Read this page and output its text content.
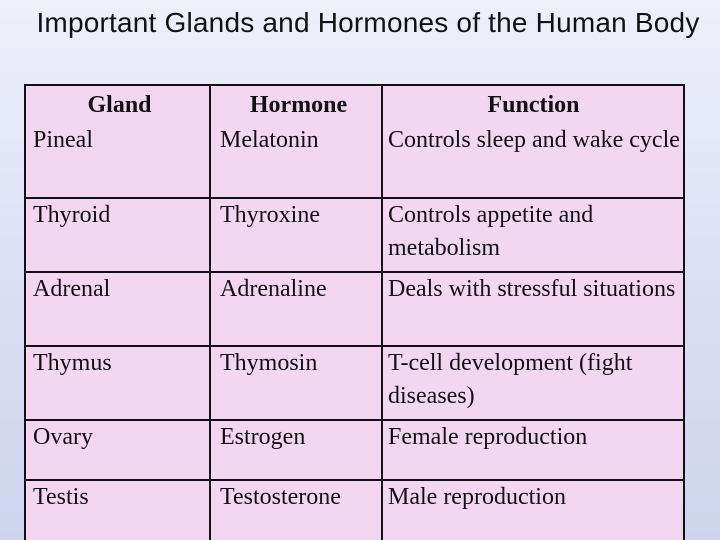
Important Glands and Hormones of the Human Body
Gland	Hormone	Function
Pineal	Melatonin	Controls sleep and wake cycle
Thyroid	Thyroxine	Controls appetite and metabolism
Adrenal	Adrenaline	Deals with stressful situations
Thymus	Thymosin	T-cell development (fight diseases)
Ovary	Estrogen	Female reproduction
Testis	Testosterone	Male reproduction
